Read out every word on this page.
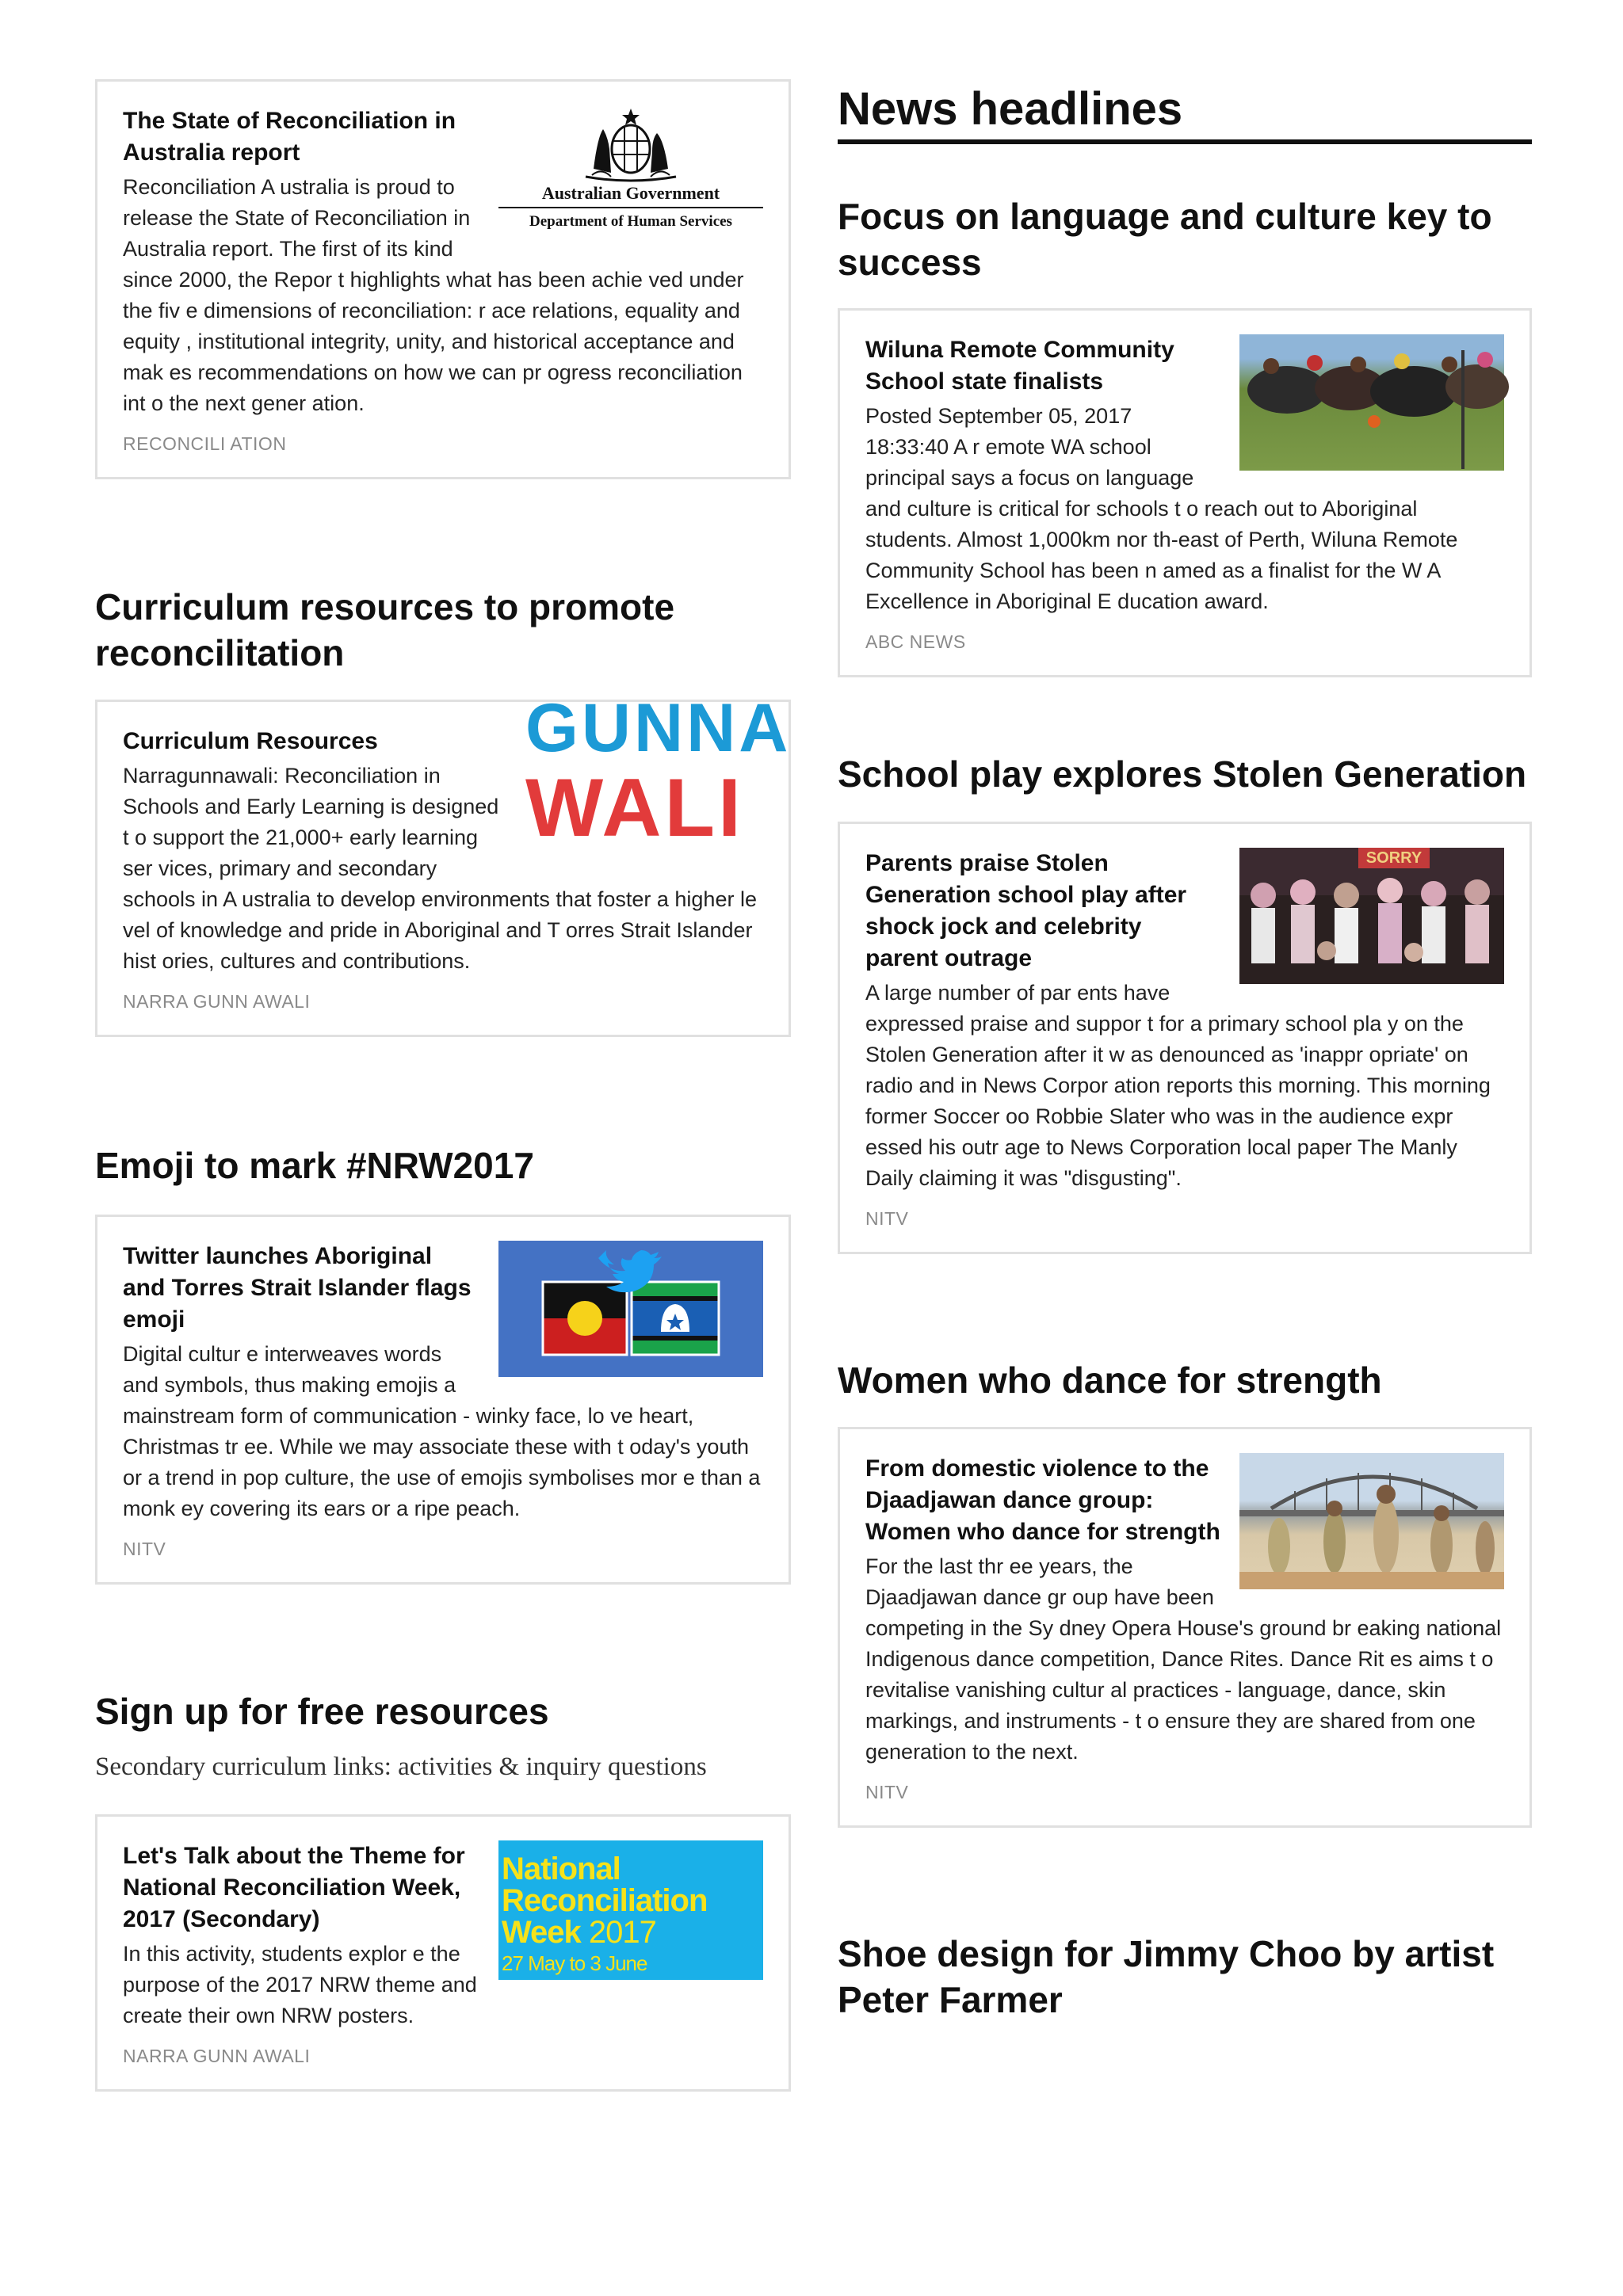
Australian Government
Department of Human Services
The State of Reconciliation in Australia report
Reconciliation A ustralia is proud to release the State of Reconciliation in Australia report. The first of its kind since 2000, the Repor t highlights what has been achie ved under the fiv e dimensions of reconciliation: r ace relations, equality and equity , institutional integrity, unity, and historical acceptance and mak es recommendations on how we can pr ogress reconciliation int o the next gener ation.
RECONCILI ATION
Curriculum resources to promote reconcilitation
GUNNA
WALI
Curriculum Resources
Narragunnawali: Reconciliation in Schools and Early Learning is designed t o support the 21,000+ early learning ser vices, primary and secondary schools in A ustralia to develop environments that foster a higher le vel of knowledge and pride in Aboriginal and T orres Strait Islander hist ories, cultures and contributions.
NARRA GUNN AWALI
Emoji to mark #NRW2017
Twitter launches Aboriginal and Torres Strait Islander flags emoji
Digital cultur e interweaves words and symbols, thus making emojis a mainstream form of communication - winky face, lo ve heart, Christmas tr ee. While we may associate these with t oday's youth or a trend in pop culture, the use of emojis symbolises mor e than a monk ey covering its ears or a ripe peach.
NITV
Sign up for free resources
Secondary curriculum links: activities & inquiry questions
National
Reconciliation
Week 2017
27 May to 3 June
Let's Talk about the Theme for National Reconciliation Week, 2017 (Secondary)
In this activity, students explor e the purpose of the 2017 NRW theme and create their own NRW posters.
NARRA GUNN AWALI
News headlines
Focus on language and culture key to success
Wiluna Remote Community School state finalists
Posted September 05, 2017 18:33:40 A r emote WA school principal says a focus on language and culture is critical for schools t o reach out to Aboriginal students. Almost 1,000km nor th-east of Perth, Wiluna Remote Community School has been n amed as a finalist for the W A Excellence in Aboriginal E ducation award.
ABC NEWS
School play explores Stolen Generation
SORRY
Parents praise Stolen Generation school play after shock jock and celebrity parent outrage
A large number of par ents have expressed praise and suppor t for a primary school pla y on the Stolen Generation after it w as denounced as 'inappr opriate' on radio and in News Corpor ation reports this morning. This morning former Soccer oo Robbie Slater who was in the audience expr essed his outr age to News Corporation local paper The Manly Daily claiming it was "disgusting".
NITV
Women who dance for strength
From domestic violence to the Djaadjawan dance group: Women who dance for strength
For the last thr ee years, the Djaadjawan dance gr oup have been competing in the Sy dney Opera House's ground br eaking national Indigenous dance competition, Dance Rites. Dance Rit es aims t o revitalise vanishing cultur al practices - language, dance, skin markings, and instruments - t o ensure they are shared from one generation to the next.
NITV
Shoe design for Jimmy Choo by artist Peter Farmer
